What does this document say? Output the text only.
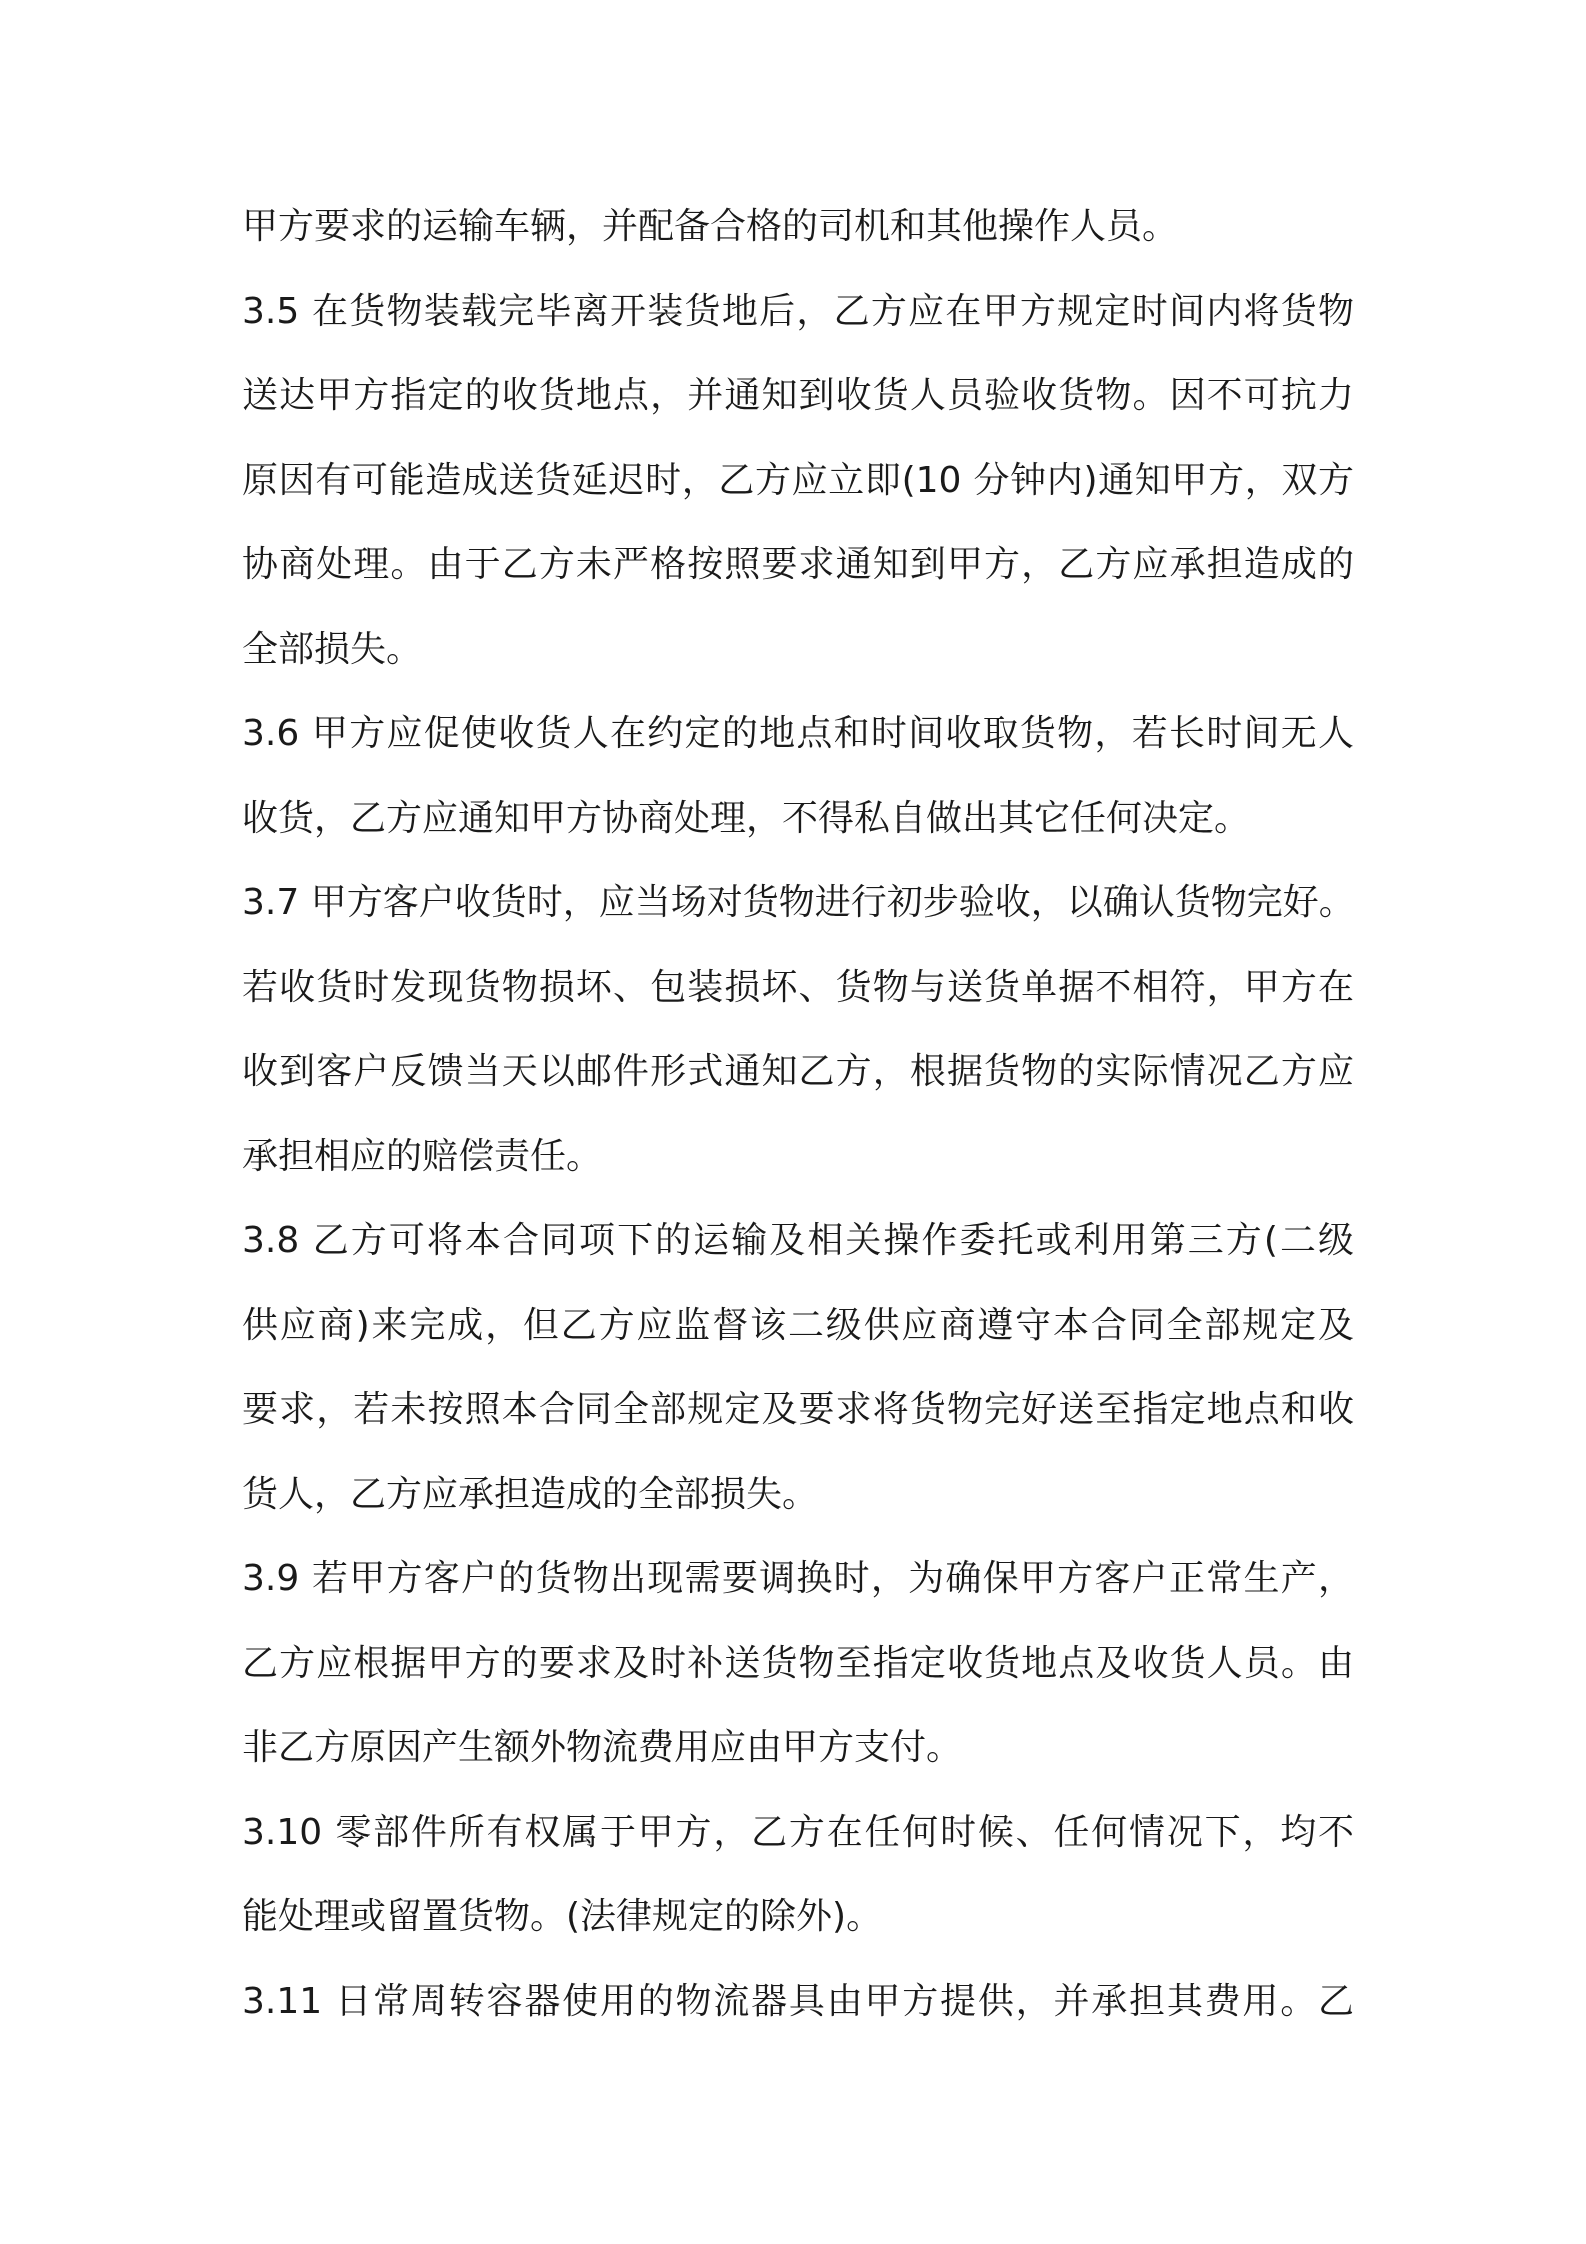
甲方要求的运输车辆，并配备合格的司机和其他操作人员。
3.5 在货物装载完毕离开装货地后，乙方应在甲方规定时间内将货物
送达甲方指定的收货地点，并通知到收货人员验收货物。因不可抗力
原因有可能造成送货延迟时，乙方应立即(10 分钟内)通知甲方，双方
协商处理。由于乙方未严格按照要求通知到甲方，乙方应承担造成的
全部损失。
3.6 甲方应促使收货人在约定的地点和时间收取货物，若长时间无人
收货，乙方应通知甲方协商处理，不得私自做出其它任何决定。
3.7 甲方客户收货时，应当场对货物进行初步验收，以确认货物完好。
若收货时发现货物损坏、包装损坏、货物与送货单据不相符，甲方在
收到客户反馈当天以邮件形式通知乙方，根据货物的实际情况乙方应
承担相应的赔偿责任。
3.8 乙方可将本合同项下的运输及相关操作委托或利用第三方(二级
供应商)来完成，但乙方应监督该二级供应商遵守本合同全部规定及
要求，若未按照本合同全部规定及要求将货物完好送至指定地点和收
货人，乙方应承担造成的全部损失。
3.9 若甲方客户的货物出现需要调换时，为确保甲方客户正常生产，
乙方应根据甲方的要求及时补送货物至指定收货地点及收货人员。由
非乙方原因产生额外物流费用应由甲方支付。
3.10 零部件所有权属于甲方，乙方在任何时候、任何情况下，均不
能处理或留置货物。(法律规定的除外)。
3.11 日常周转容器使用的物流器具由甲方提供，并承担其费用。乙
